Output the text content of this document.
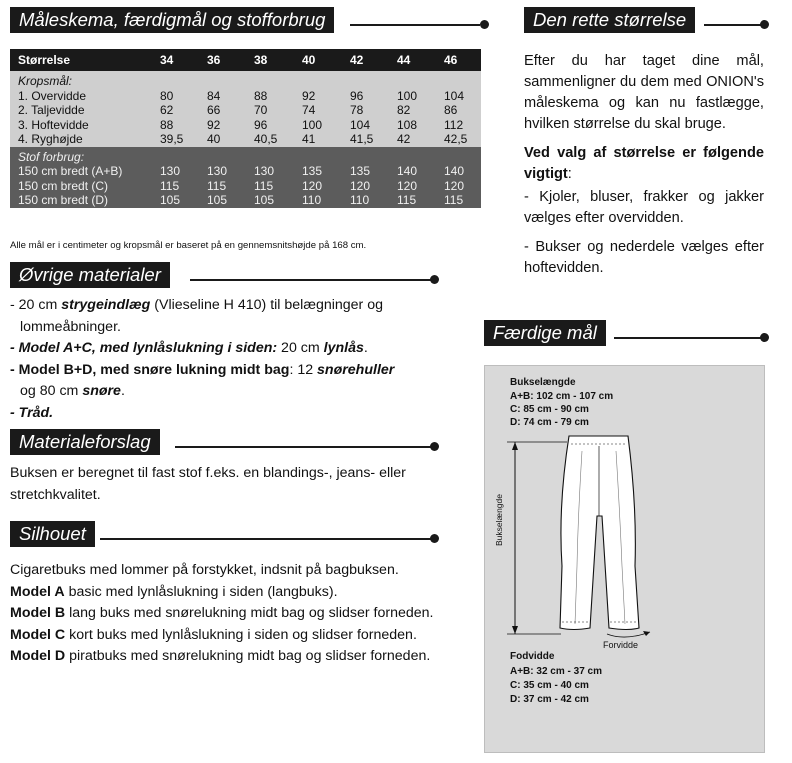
Måleskema, færdigmål og stofforbrug
Størrelse	34	36	38	40	42	44	46
Kropsmål:							
1. Overvidde	80	84	88	92	96	100	104
2. Taljevidde	62	66	70	74	78	82	86
3. Hoftevidde	88	92	96	100	104	108	112
4. Ryghøjde	39,5	40	40,5	41	41,5	42	42,5
Stof forbrug:							
150 cm bredt (A+B)	130	130	130	135	135	140	140
150 cm bredt (C)	115	115	115	120	120	120	120
150 cm bredt (D)	105	105	105	110	110	115	115
Alle mål er i centimeter og kropsmål er baseret på en gennemsnitshøjde på 168 cm.
Øvrige materialer

- 20 cm strygeindlæg (Vlieseline H 410) til belægninger og

lommeåbninger.

- Model A+C, med lynlåslukning i siden: 20 cm lynlås.

- Model B+D, med snøre lukning midt bag: 12 snørehuller

og 80 cm snøre.

- Tråd.

Materialeforslag
Buksen er beregnet til fast stof f.eks. en blandings-, jeans- eller stretchkvalitet.
Silhouet

Cigaretbuks med lommer på forstykket, indsnit på bagbuksen.

Model A basic med lynlåslukning i siden (langbuks).

Model B lang buks med snørelukning midt bag og slidser forneden.

Model C kort buks med lynlåslukning i siden og slidser forneden.

Model D piratbuks med snørelukning midt bag og slidser forneden.

Den rette størrelse

Efter du har taget dine mål, sammenligner du dem med ONION's måleskema og kan nu fastlægge, hvilken størrelse du skal bruge.

Ved valg af størrelse er følgende vigtigt:

- Kjoler, bluser, frakker og jakker vælges efter overvidden.

- Bukser og nederdele vælges efter hoftevidden.

Færdige mål
Bukselængde
A+B: 102 cm - 107 cm
C: 85 cm - 90 cm
D: 74 cm - 79 cm
Bukselængde
Forvidde
Fodvidde
A+B: 32 cm - 37 cm
C: 35 cm - 40 cm
D: 37 cm - 42 cm
